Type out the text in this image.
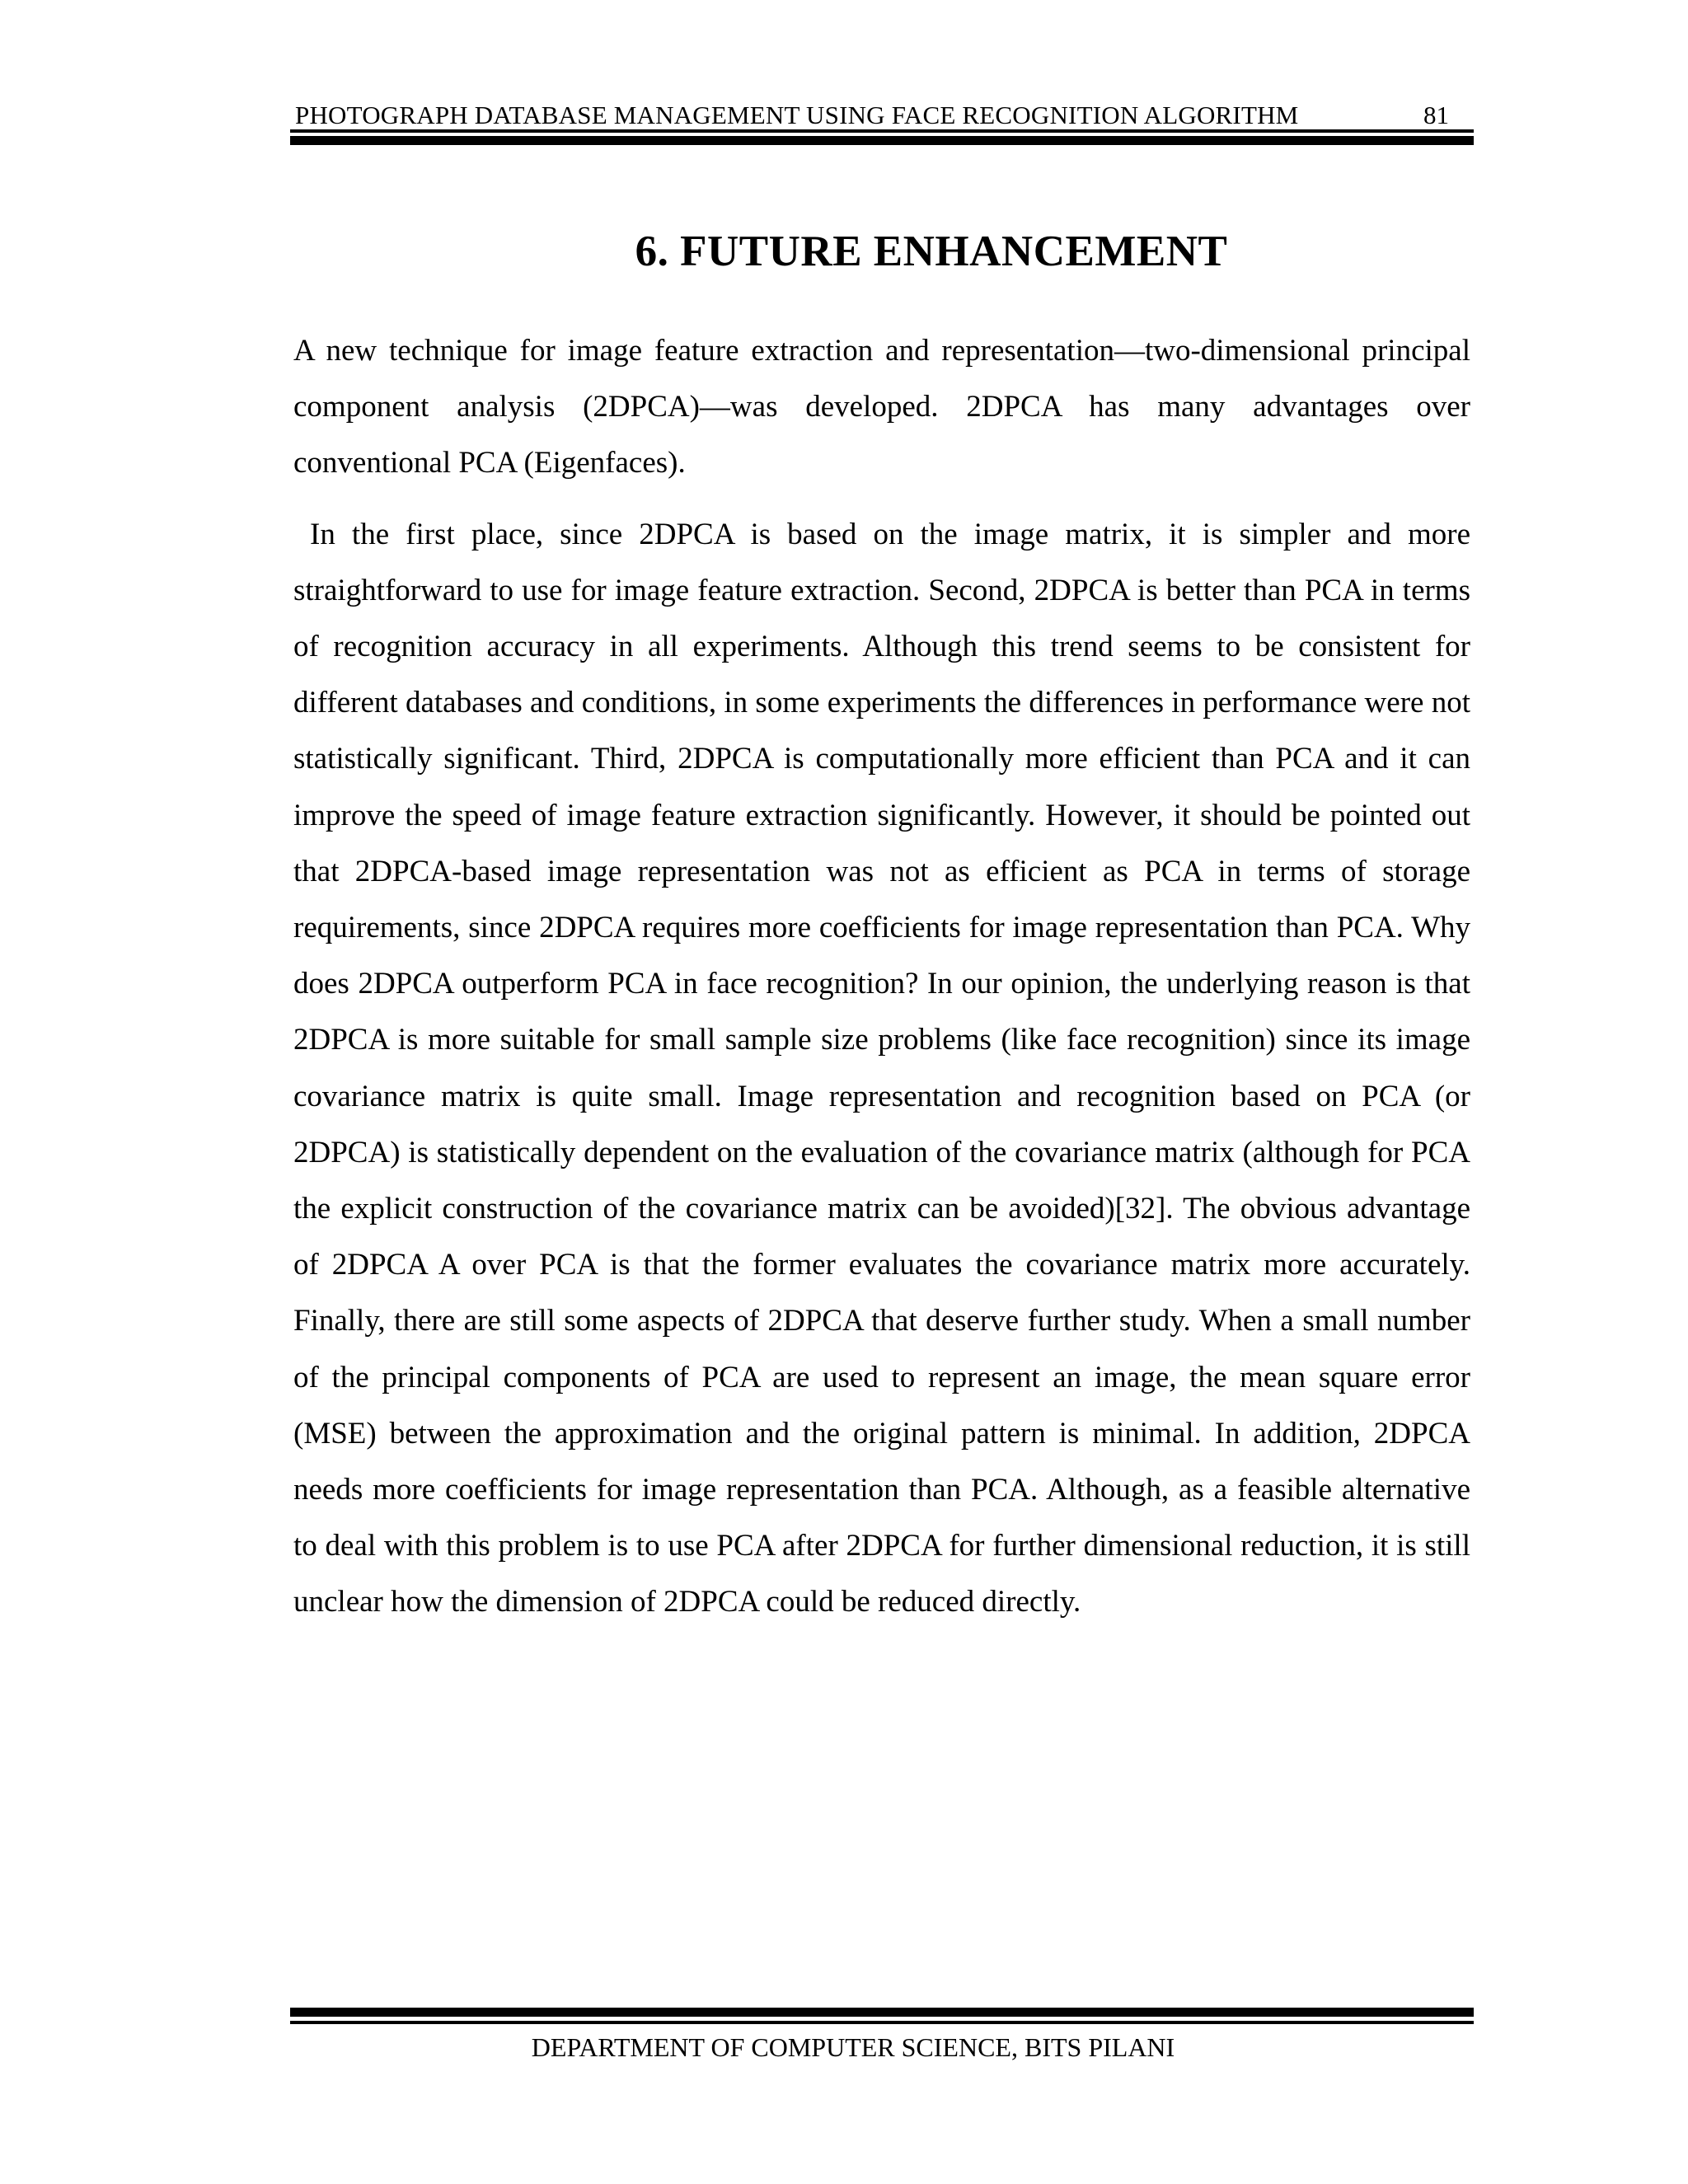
PHOTOGRAPH DATABASE MANAGEMENT USING FACE RECOGNITION ALGORITHM	81
6. FUTURE ENHANCEMENT

A new technique for image feature extraction and representation—two-dimensional principal component analysis (2DPCA)—was developed. 2DPCA has many advantages over conventional PCA (Eigenfaces).

In the first place, since 2DPCA is based on the image matrix, it is simpler and more straightforward to use for image feature extraction. Second, 2DPCA is better than PCA in terms of recognition accuracy in all experiments. Although this trend seems to be consistent for different databases and conditions, in some experiments the differences in performance were not statistically significant. Third, 2DPCA is computationally more efficient than PCA and it can improve the speed of image feature extraction significantly. However, it should be pointed out that 2DPCA-based image representation was not as efficient as PCA in terms of storage requirements, since 2DPCA requires more coefficients for image representation than PCA. Why does 2DPCA outperform PCA in face recognition? In our opinion, the underlying reason is that 2DPCA is more suitable for small sample size problems (like face recognition) since its image covariance matrix is quite small. Image representation and recognition based on PCA (or 2DPCA) is statistically dependent on the evaluation of the covariance matrix (although for PCA the explicit construction of the covariance matrix can be avoided)[32]. The obvious advantage of 2DPCA A over PCA is that the former evaluates the covariance matrix more accurately. Finally, there are still some aspects of 2DPCA that deserve further study. When a small number of the principal components of PCA are used to represent an image, the mean square error (MSE) between the approximation and the original pattern is minimal. In addition, 2DPCA needs more coefficients for image representation than PCA. Although, as a feasible alternative to deal with this problem is to use PCA after 2DPCA for further dimensional reduction, it is still unclear how the dimension of 2DPCA could be reduced directly.

DEPARTMENT OF COMPUTER SCIENCE, BITS PILANI
